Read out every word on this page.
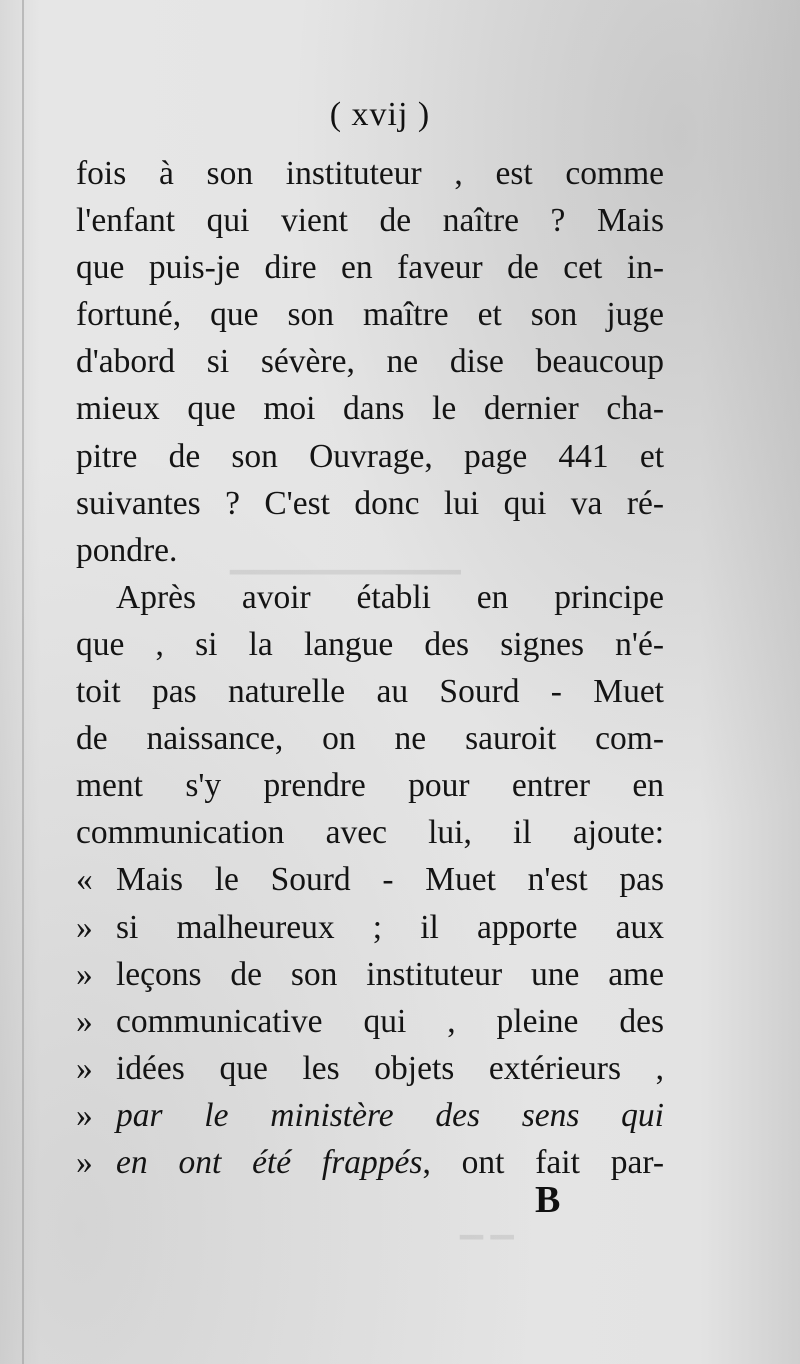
▁▁▁▁▁▁▁▁▁▁
▁ ▁
( xvij )
fois à son instituteur , est comme
l'enfant qui vient de naître ? Mais
que puis-je dire en faveur de cet in-
fortuné, que son maître et son juge
d'abord si sévère, ne dise beaucoup
mieux que moi dans le dernier cha-
pitre de son Ouvrage, page 441 et
suivantes ? C'est donc lui qui va ré-
pondre.
Après avoir établi en principe
que , si la langue des signes n'é-
toit pas naturelle au Sourd - Muet
de naissance, on ne sauroit com-
ment s'y prendre pour entrer en
communication avec lui, il ajoute:
« Mais le Sourd - Muet n'est pas
» si malheureux ; il apporte aux
» leçons de son instituteur une ame
» communicative qui , pleine des
» idées que les objets extérieurs ,
» par le ministère des sens qui
» en ont été frappés, ont fait par-
B
